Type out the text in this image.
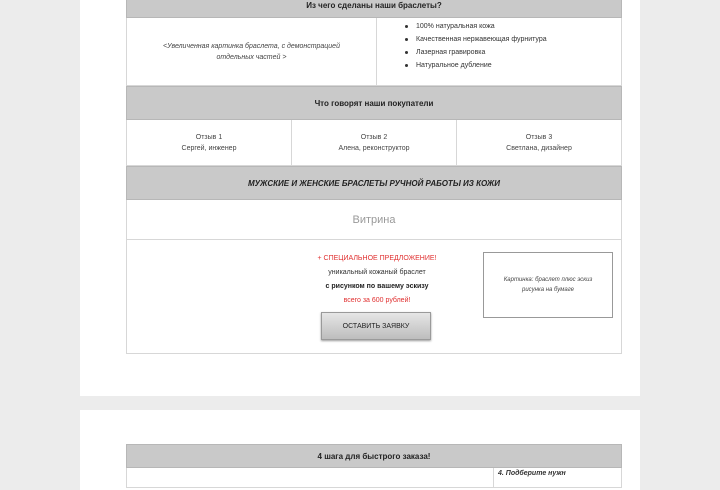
Из чего сделаны наши браслеты?
<Увеличенная картинка браслета, с демонстрацией отдельных частей >
100% натуральная кожа
Качественная нержавеющая фурнитура
Лазерная гравировка
Натуральное дубление
Что говорят наши покупатели
Отзыв 1
Сергей, инженер
Отзыв 2
Алена, реконструктор
Отзыв 3
Светлана, дизайнер
МУЖСКИЕ И ЖЕНСКИЕ БРАСЛЕТЫ РУЧНОЙ РАБОТЫ ИЗ КОЖИ
Витрина
+ СПЕЦИАЛЬНОЕ ПРЕДЛОЖЕНИЕ!
уникальный кожаный браслет
с рисунком по вашему эскизу
всего за 600 рублей!
ОСТАВИТЬ ЗАЯВКУ
Картинка: браслет плюс эскиз рисунка на бумаге
4 шага для быстрого заказа!
4. Подберите нужн
